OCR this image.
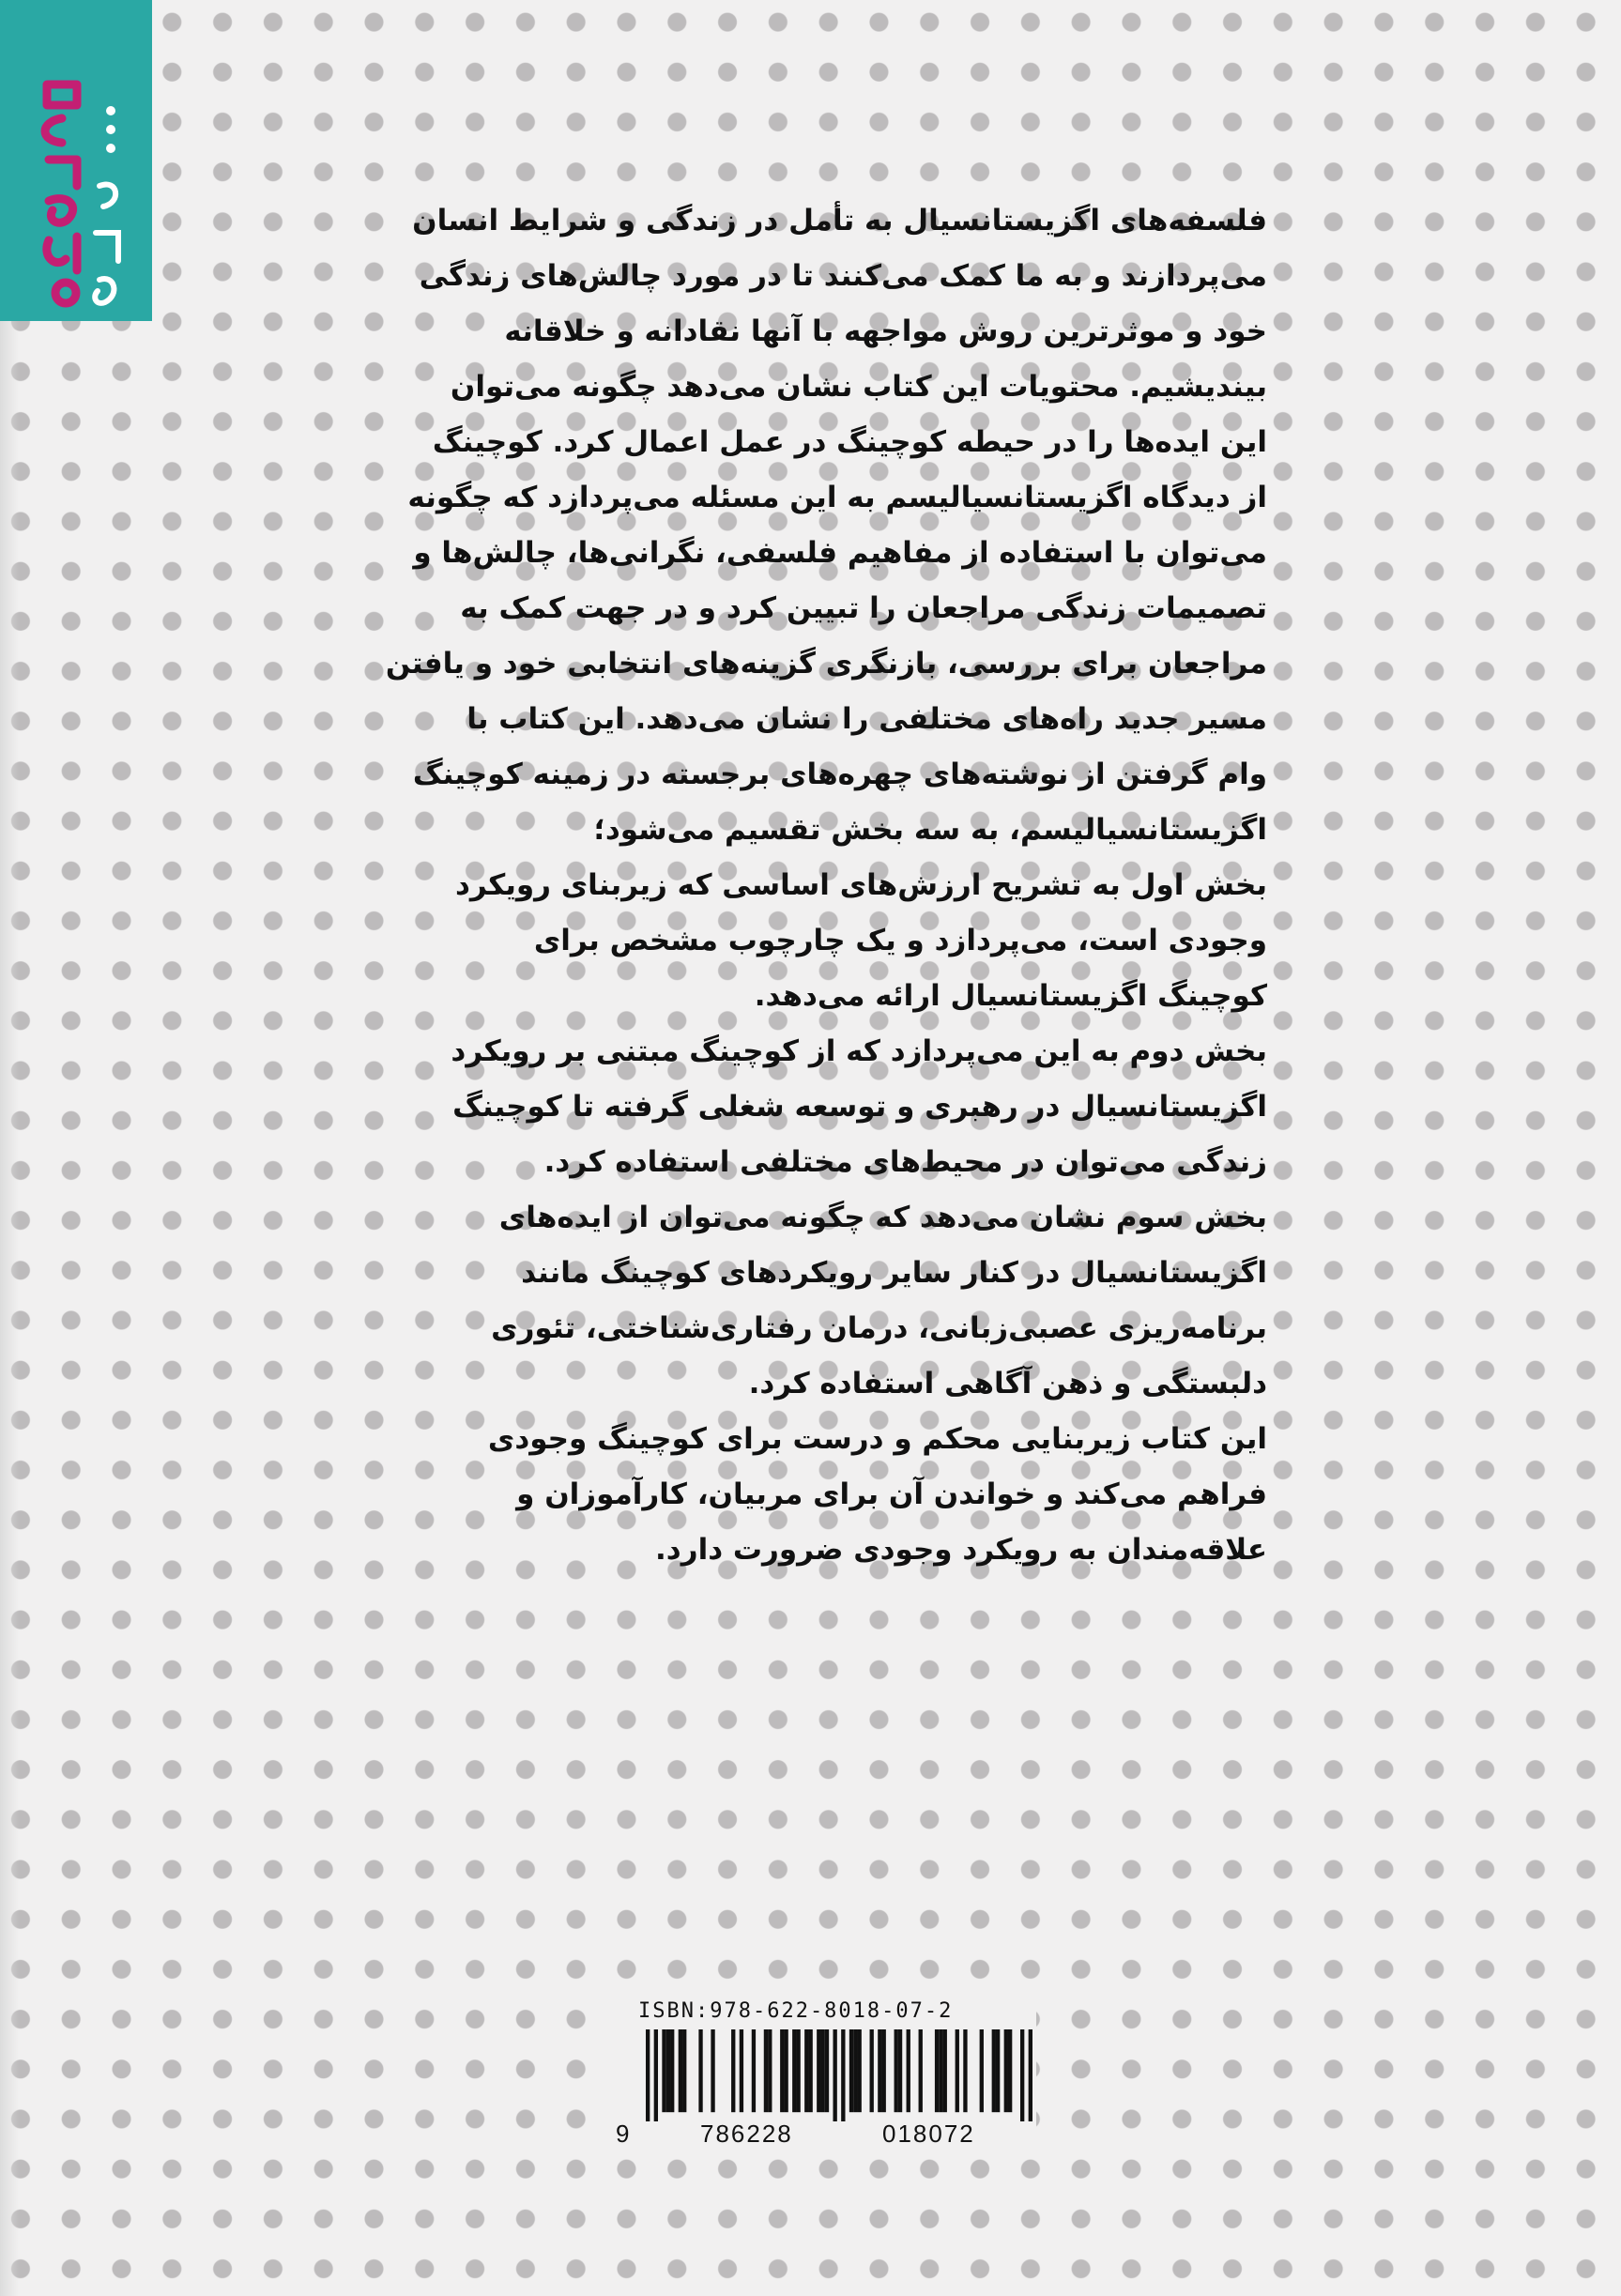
فلسفه‌های اگزیستانسیال به تأمل در زندگی و شرایط انسان
می‌پردازند و به ما کمک می‌کنند تا در مورد چالش‌های زندگی
خود و موثرترین روش مواجهه با آنها نقادانه و خلاقانه
بیندیشیم. محتویات این کتاب نشان می‌دهد چگونه می‌توان
این ایده‌ها را در حیطه کوچینگ در عمل اعمال کرد. کوچینگ
از دیدگاه اگزیستانسیالیسم به این مسئله می‌پردازد که چگونه
می‌توان با استفاده از مفاهیم فلسفی، نگرانی‌ها، چالش‌ها و
تصمیمات زندگی مراجعان را تبیین کرد و در جهت کمک به
مراجعان برای بررسی، بازنگری گزینه‌های انتخابی خود و یافتن
مسیر جدید راه‌های مختلفی را نشان می‌دهد. این کتاب با
وام گرفتن از نوشته‌های چهره‌های برجسته در زمینه کوچینگ
اگزیستانسیالیسم، به سه بخش تقسیم می‌شود؛
بخش اول به تشریح ارزش‌های اساسی که زیربنای رویکرد
وجودی است، می‌پردازد و یک چارچوب مشخص برای
کوچینگ اگزیستانسیال ارائه می‌دهد.
بخش دوم به این می‌پردازد که از کوچینگ مبتنی بر رویکرد
اگزیستانسیال در رهبری و توسعه شغلی گرفته تا کوچینگ
زندگی می‌توان در محیط‌های مختلفی استفاده کرد.
بخش سوم نشان می‌دهد که چگونه می‌توان از ایده‌های
اگزیستانسیال در کنار سایر رویکردهای کوچینگ مانند
برنامه‌ریزی عصبی‌زبانی، درمان رفتاری‌شناختی، تئوری
دلبستگی و ذهن آگاهی استفاده کرد.
این کتاب زیربنایی محکم و درست برای کوچینگ وجودی
فراهم می‌کند و خواندن آن برای مربیان، کارآموزان و
علاقه‌مندان به رویکرد وجودی ضرورت دارد.
ISBN:978-622-8018-07-2
9	786228	018072
